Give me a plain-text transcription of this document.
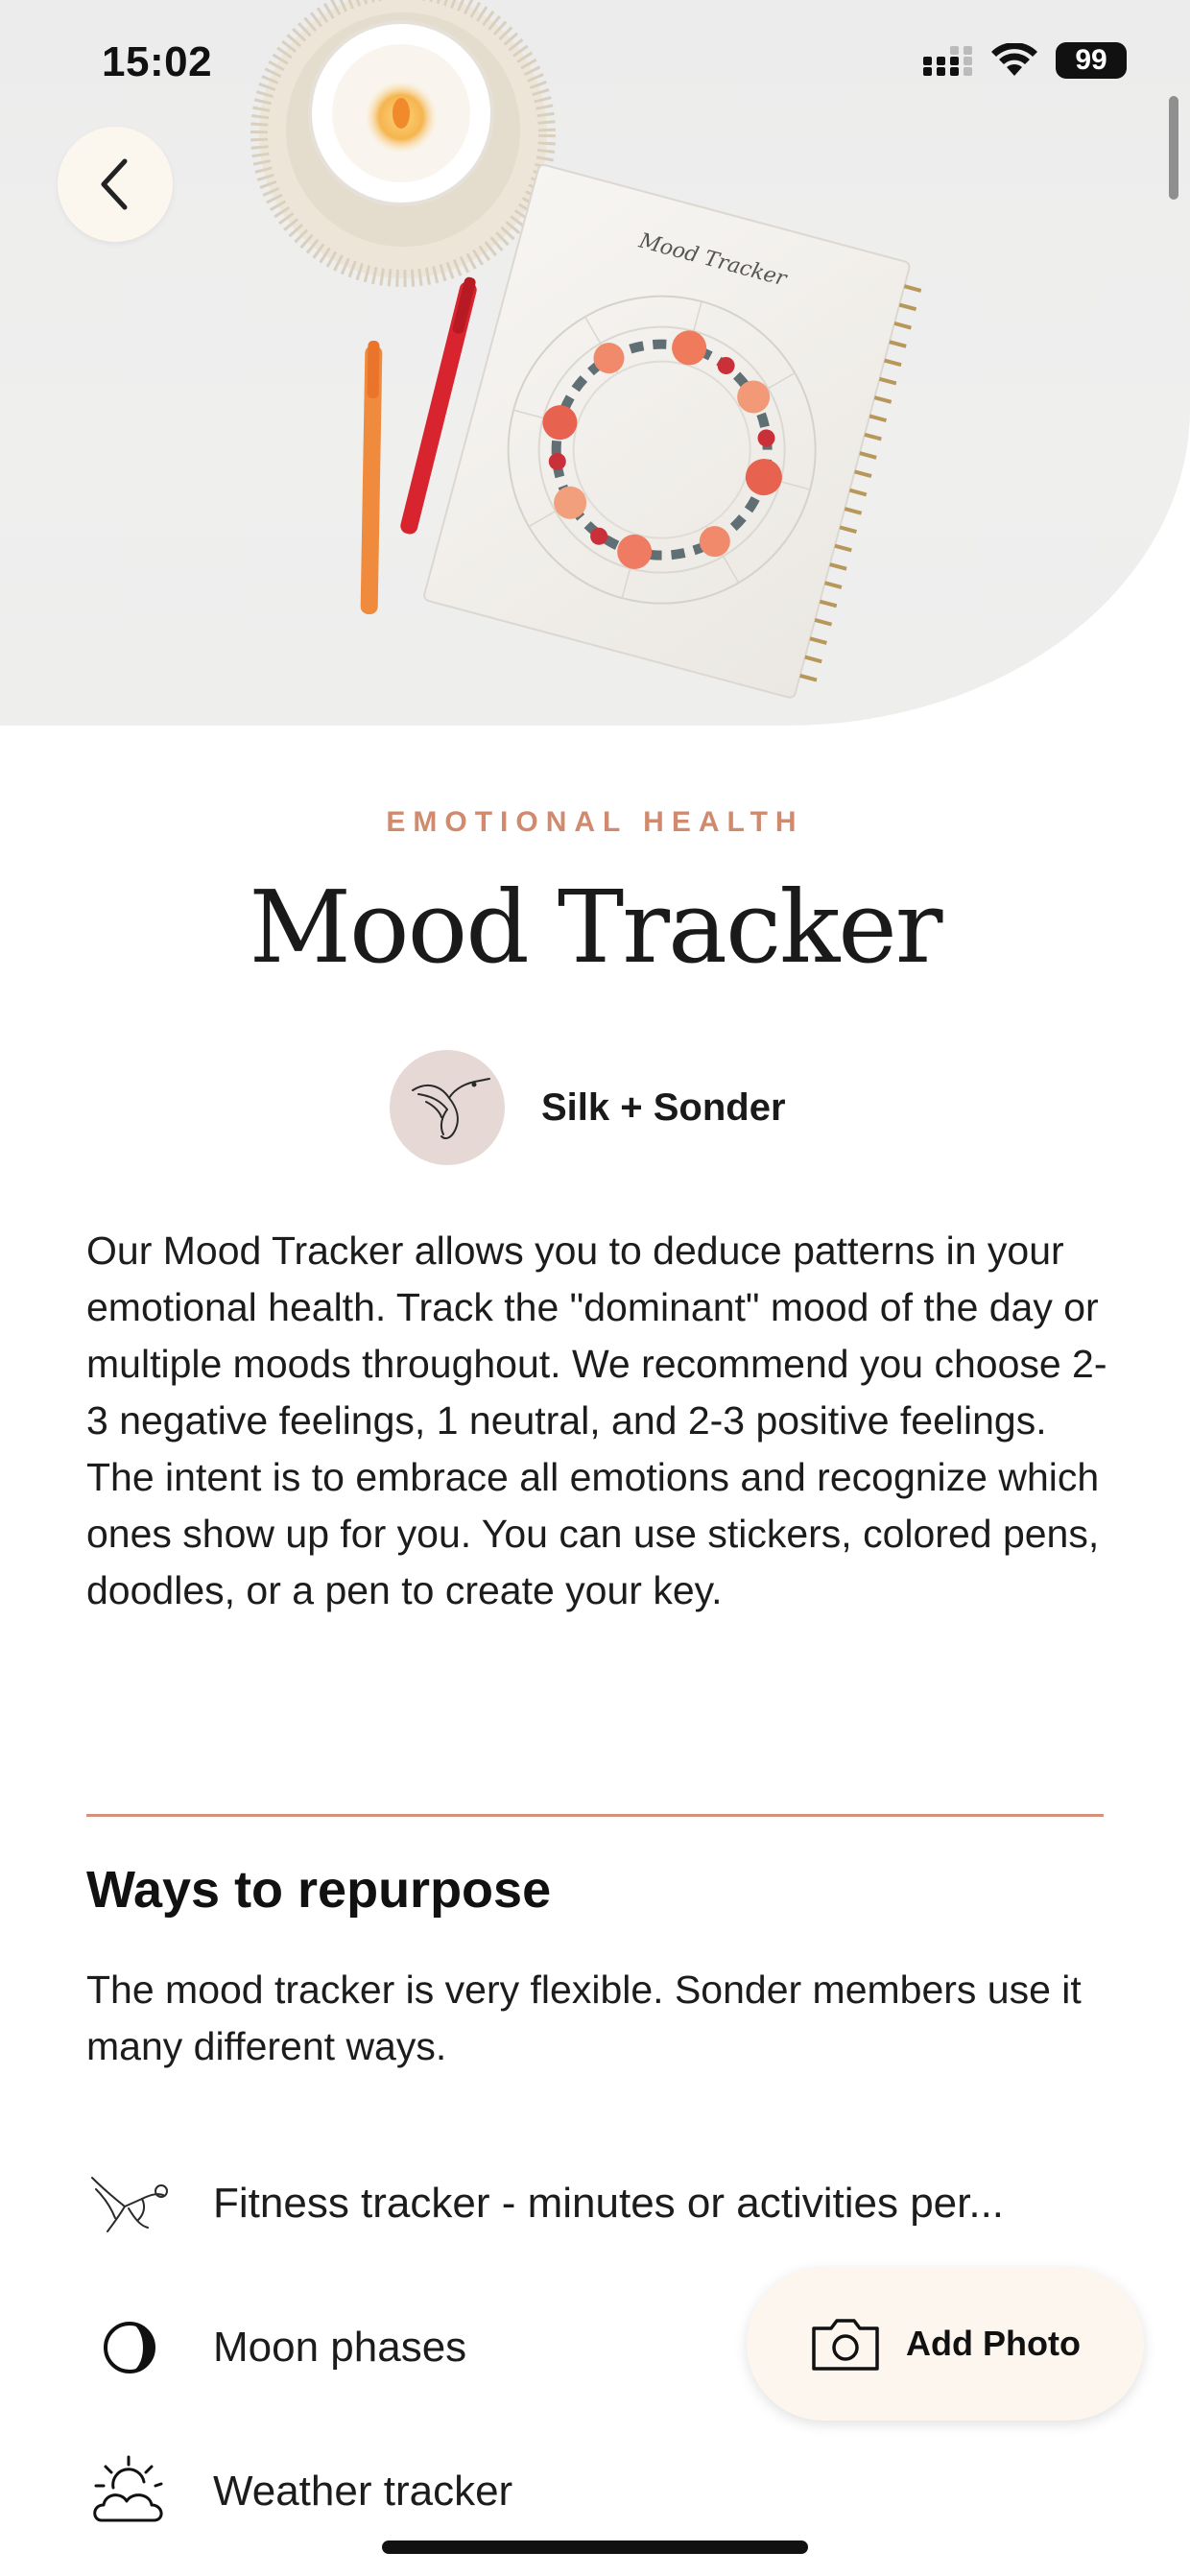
Mood Tracker
15:02	99
EMOTIONAL HEALTH
Mood Tracker
Silk + Sonder
Our Mood Tracker allows you to deduce patterns in your emotional health. Track the "dominant" mood of the day or multiple moods throughout. We recommend you choose 2-3 negative feelings, 1 neutral, and 2-3 positive feelings. The intent is to embrace all emotions and recognize which ones show up for you. You can use stickers, colored pens, doodles, or a pen to create your key.
Ways to repurpose
The mood tracker is very flexible. Sonder members use it many different ways.
Fitness tracker - minutes or activities per...
Moon phases
Weather tracker
Add Photo
